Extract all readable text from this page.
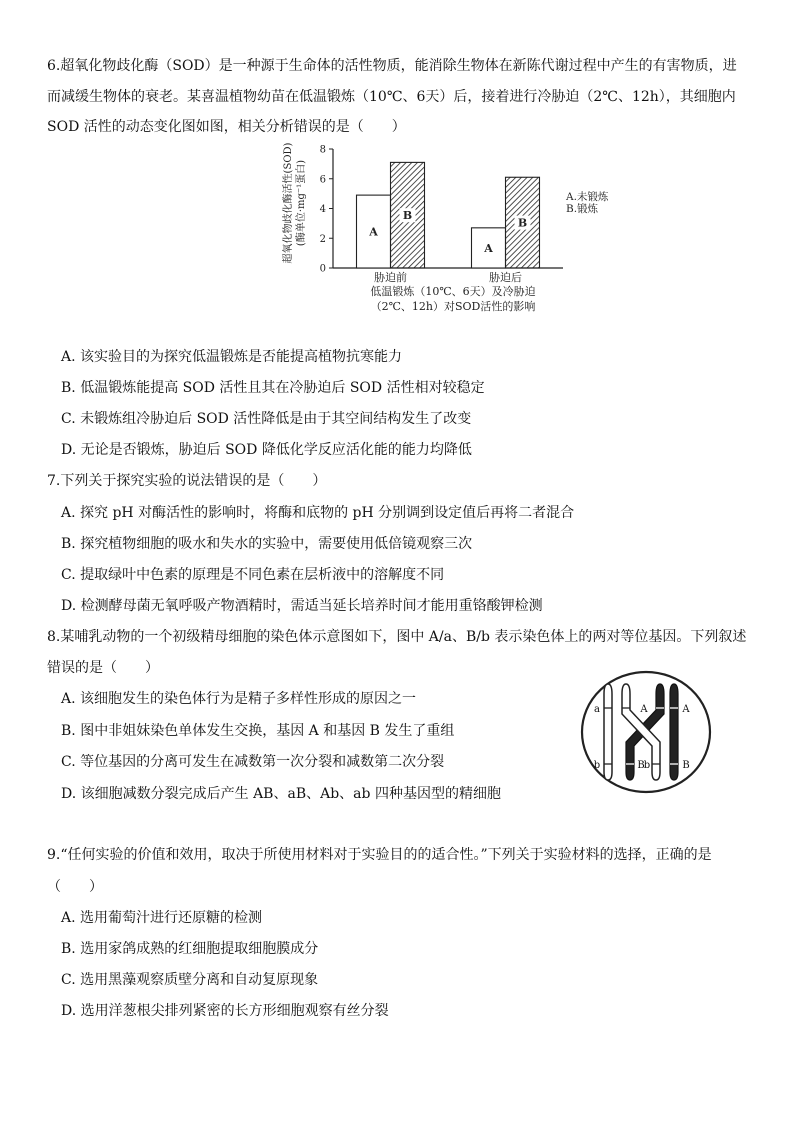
6.超氧化物歧化酶（SOD）是一种源于生命体的活性物质，能消除生物体在新陈代谢过程中产生的有害物质，进
而减缓生物体的衰老。某喜温植物幼苗在低温锻炼（10℃、6天）后，接着进行冷胁迫（2℃、12h），其细胞内
SOD 活性的动态变化图如图，相关分析错误的是（　　）
超氧化物歧化酶活性(SOD) (酶单位·mg⁻¹蛋白)
0
2
4
6
8
A
B
胁迫前
A
B
胁迫后
A.未锻炼
B.锻炼
低温锻炼（10℃、6天）及冷胁迫
（2℃、12h）对SOD活性的影响
A. 该实验目的为探究低温锻炼是否能提高植物抗寒能力
B. 低温锻炼能提高 SOD 活性且其在冷胁迫后 SOD 活性相对较稳定
C. 未锻炼组冷胁迫后 SOD 活性降低是由于其空间结构发生了改变
D. 无论是否锻炼，胁迫后 SOD 降低化学反应活化能的能力均降低
7.下列关于探究实验的说法错误的是（　　）
A. 探究 pH 对酶活性的影响时，将酶和底物的 pH 分别调到设定值后再将二者混合
B. 探究植物细胞的吸水和失水的实验中，需要使用低倍镜观察三次
C. 提取绿叶中色素的原理是不同色素在层析液中的溶解度不同
D. 检测酵母菌无氧呼吸产物酒精时，需适当延长培养时间才能用重铬酸钾检测
8.某哺乳动物的一个初级精母细胞的染色体示意图如下，图中 A/a、B/b 表示染色体上的两对等位基因。下列叙述
错误的是（　　）
A. 该细胞发生的染色体行为是精子多样性形成的原因之一
B. 图中非姐妹染色单体发生交换，基因 A 和基因 B 发生了重组
C. 等位基因的分离可发生在减数第一次分裂和减数第二次分裂
D. 该细胞减数分裂完成后产生 AB、aB、Ab、ab 四种基因型的精细胞
a	A	A
b	B b	B
9.“任何实验的价值和效用，取决于所使用材料对于实验目的的适合性。”下列关于实验材料的选择，正确的是
（　　）
A. 选用葡萄汁进行还原糖的检测
B. 选用家鸽成熟的红细胞提取细胞膜成分
C. 选用黑藻观察质壁分离和自动复原现象
D. 选用洋葱根尖排列紧密的长方形细胞观察有丝分裂
